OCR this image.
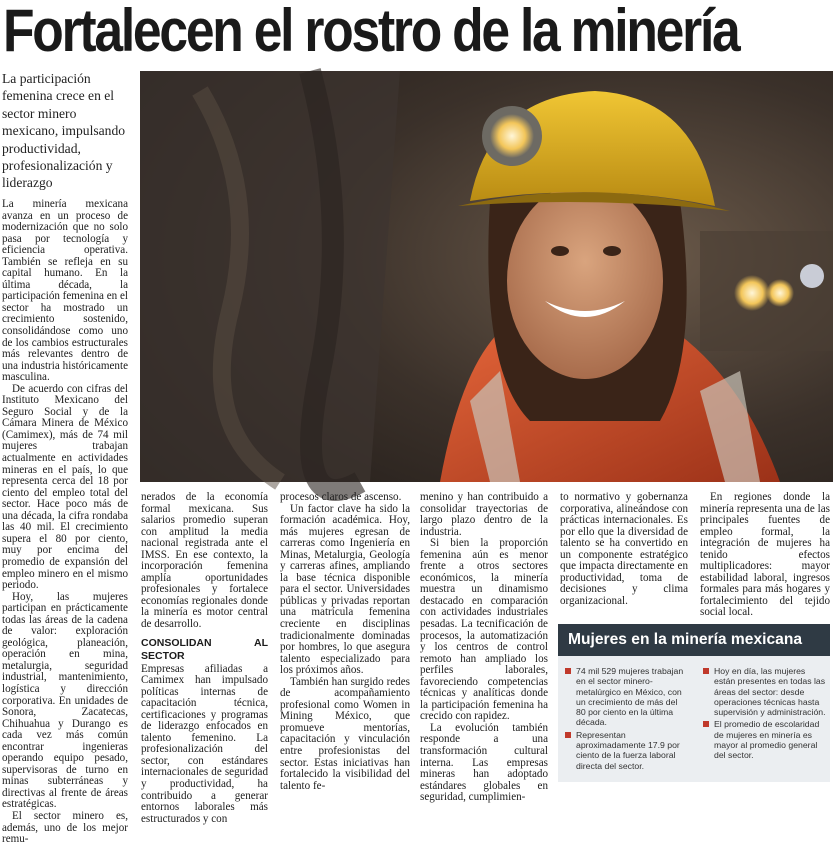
Fortalecen el rostro de la minería
La participación femenina crece en el sector minero mexicano, impulsando productividad, profesionalización y liderazgo

La minería mexicana avanza en un proceso de modernización que no solo pasa por tecnología y eficiencia operativa. También se refleja en su capital humano. En la última década, la participación femenina en el sector ha mostrado un crecimiento sostenido, consolidándose como uno de los cambios estructurales más relevantes dentro de una industria históricamente masculina.

De acuerdo con cifras del Instituto Mexicano del Seguro Social y de la Cámara Minera de México (Camimex), más de 74 mil mujeres trabajan actualmente en actividades mineras en el país, lo que representa cerca del 18 por ciento del empleo total del sector. Hace poco más de una década, la cifra rondaba las 40 mil. El crecimiento supera el 80 por ciento, muy por encima del promedio de expansión del empleo minero en el mismo periodo.

Hoy, las mujeres participan en prácticamente todas las áreas de la cadena de valor: exploración geológica, planeación, operación en mina, metalurgia, seguridad industrial, mantenimiento, logística y dirección corporativa. En unidades de Sonora, Zacatecas, Chihuahua y Durango es cada vez más común encontrar ingenieras operando equipo pesado, supervisoras de turno en minas subterráneas y directivas al frente de áreas estratégicas.

El sector minero es, además, uno de los mejor remu-

nerados de la economía formal mexicana. Sus salarios promedio superan con amplitud la media nacional registrada ante el IMSS. En ese contexto, la incorporación femenina amplía oportunidades profesionales y fortalece economías regionales donde la minería es motor central de desarrollo.

CONSOLIDAN AL SECTOR

Empresas afiliadas a Camimex han impulsado políticas internas de capacitación técnica, certificaciones y programas de liderazgo enfocados en talento femenino. La profesionalización del sector, con estándares internacionales de seguridad y productividad, ha contribuido a generar entornos laborales más estructurados y con

procesos claros de ascenso.

Un factor clave ha sido la formación académica. Hoy, más mujeres egresan de carreras como Ingeniería en Minas, Metalurgia, Geología y carreras afines, ampliando la base técnica disponible para el sector. Universidades públicas y privadas reportan una matrícula femenina creciente en disciplinas tradicionalmente dominadas por hombres, lo que asegura talento especializado para los próximos años.

También han surgido redes de acompañamiento profesional como Women in Mining México, que promueve mentorías, capacitación y vinculación entre profesionistas del sector. Estas iniciativas han fortalecido la visibilidad del talento fe-

menino y han contribuido a consolidar trayectorias de largo plazo dentro de la industria.

Si bien la proporción femenina aún es menor frente a otros sectores económicos, la minería muestra un dinamismo destacado en comparación con actividades industriales pesadas. La tecnificación de procesos, la automatización y los centros de control remoto han ampliado los perfiles laborales, favoreciendo competencias técnicas y analíticas donde la participación femenina ha crecido con rapidez.

La evolución también responde a una transformación cultural interna. Las empresas mineras han adoptado estándares globales en seguridad, cumplimien-

to normativo y gobernanza corporativa, alineándose con prácticas internacionales. Es por ello que la diversidad de talento se ha convertido en un componente estratégico que impacta directamente en productividad, toma de decisiones y clima organizacional.

En regiones donde la minería representa una de las principales fuentes de empleo formal, la integración de mujeres ha tenido efectos multiplicadores: mayor estabilidad laboral, ingresos formales para más hogares y fortalecimiento del tejido social local.

Mujeres en la minería mexicana
74 mil 529 mujeres trabajan en el sector minero-metalúrgico en México, con un crecimiento de más del 80 por ciento en la última década.
Representan aproximadamente 17.9 por ciento de la fuerza laboral directa del sector.
Hoy en día, las mujeres están presentes en todas las áreas del sector: desde operaciones técnicas hasta supervisión y administración.
El promedio de escolaridad de mujeres en minería es mayor al promedio general del sector.
